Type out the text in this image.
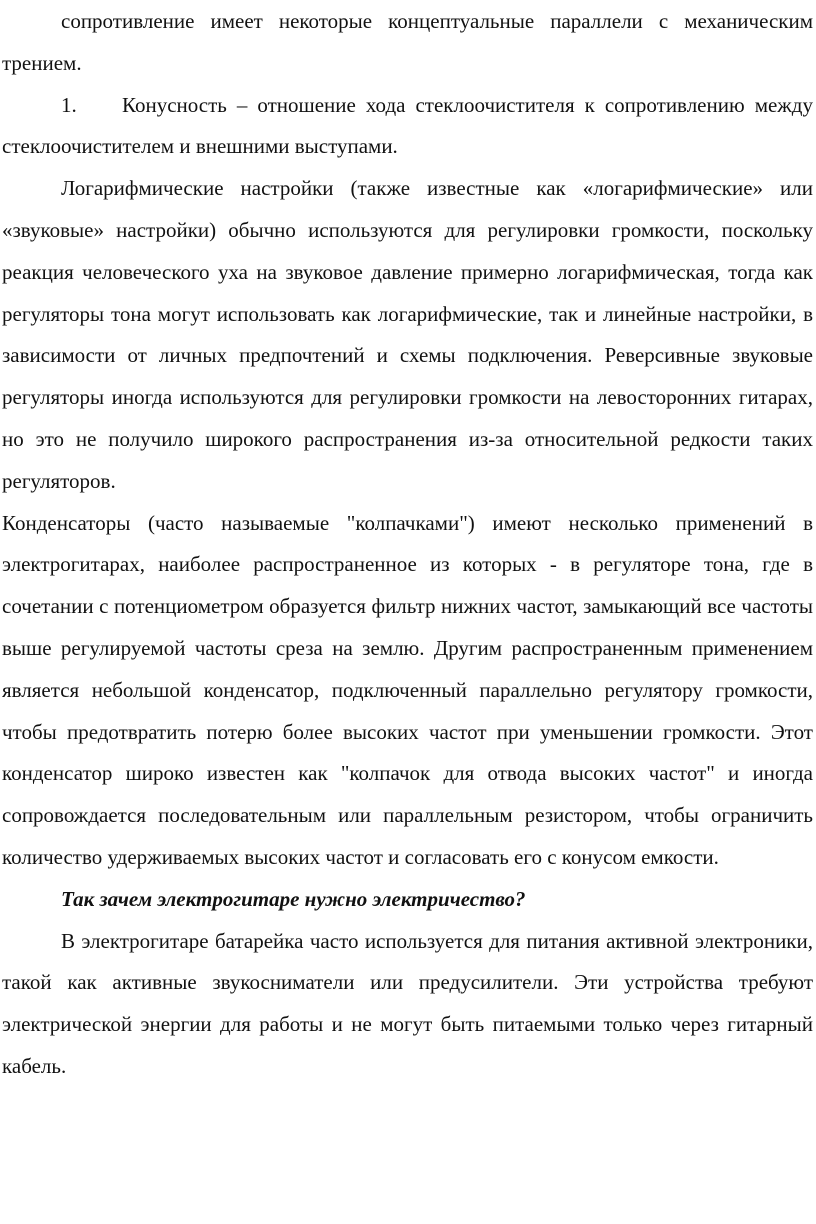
сопротивление имеет некоторые концептуальные параллели с механическим трением.

1. Конусность – отношение хода стеклоочистителя к сопротивлению между стеклоочистителем и внешними выступами.

Логарифмические настройки (также известные как «логарифмические» или «звуковые» настройки) обычно используются для регулировки громкости, поскольку реакция человеческого уха на звуковое давление примерно логарифмическая, тогда как регуляторы тона могут использовать как логарифмические, так и линейные настройки, в зависимости от личных предпочтений и схемы подключения. Реверсивные звуковые регуляторы иногда используются для регулировки громкости на левосторонних гитарах, но это не получило широкого распространения из-за относительной редкости таких регуляторов.

Конденсаторы (часто называемые "колпачками") имеют несколько применений в электрогитарах, наиболее распространенное из которых - в регуляторе тона, где в сочетании с потенциометром образуется фильтр нижних частот, замыкающий все частоты выше регулируемой частоты среза на землю. Другим распространенным применением является небольшой конденсатор, подключенный параллельно регулятору громкости, чтобы предотвратить потерю более высоких частот при уменьшении громкости. Этот конденсатор широко известен как "колпачок для отвода высоких частот" и иногда сопровождается последовательным или параллельным резистором, чтобы ограничить количество удерживаемых высоких частот и согласовать его с конусом емкости.

Так зачем электрогитаре нужно электричество?

В электрогитаре батарейка часто используется для питания активной электроники, такой как активные звукосниматели или предусилители. Эти устройства требуют электрической энергии для работы и не могут быть питаемыми только через гитарный кабель.
